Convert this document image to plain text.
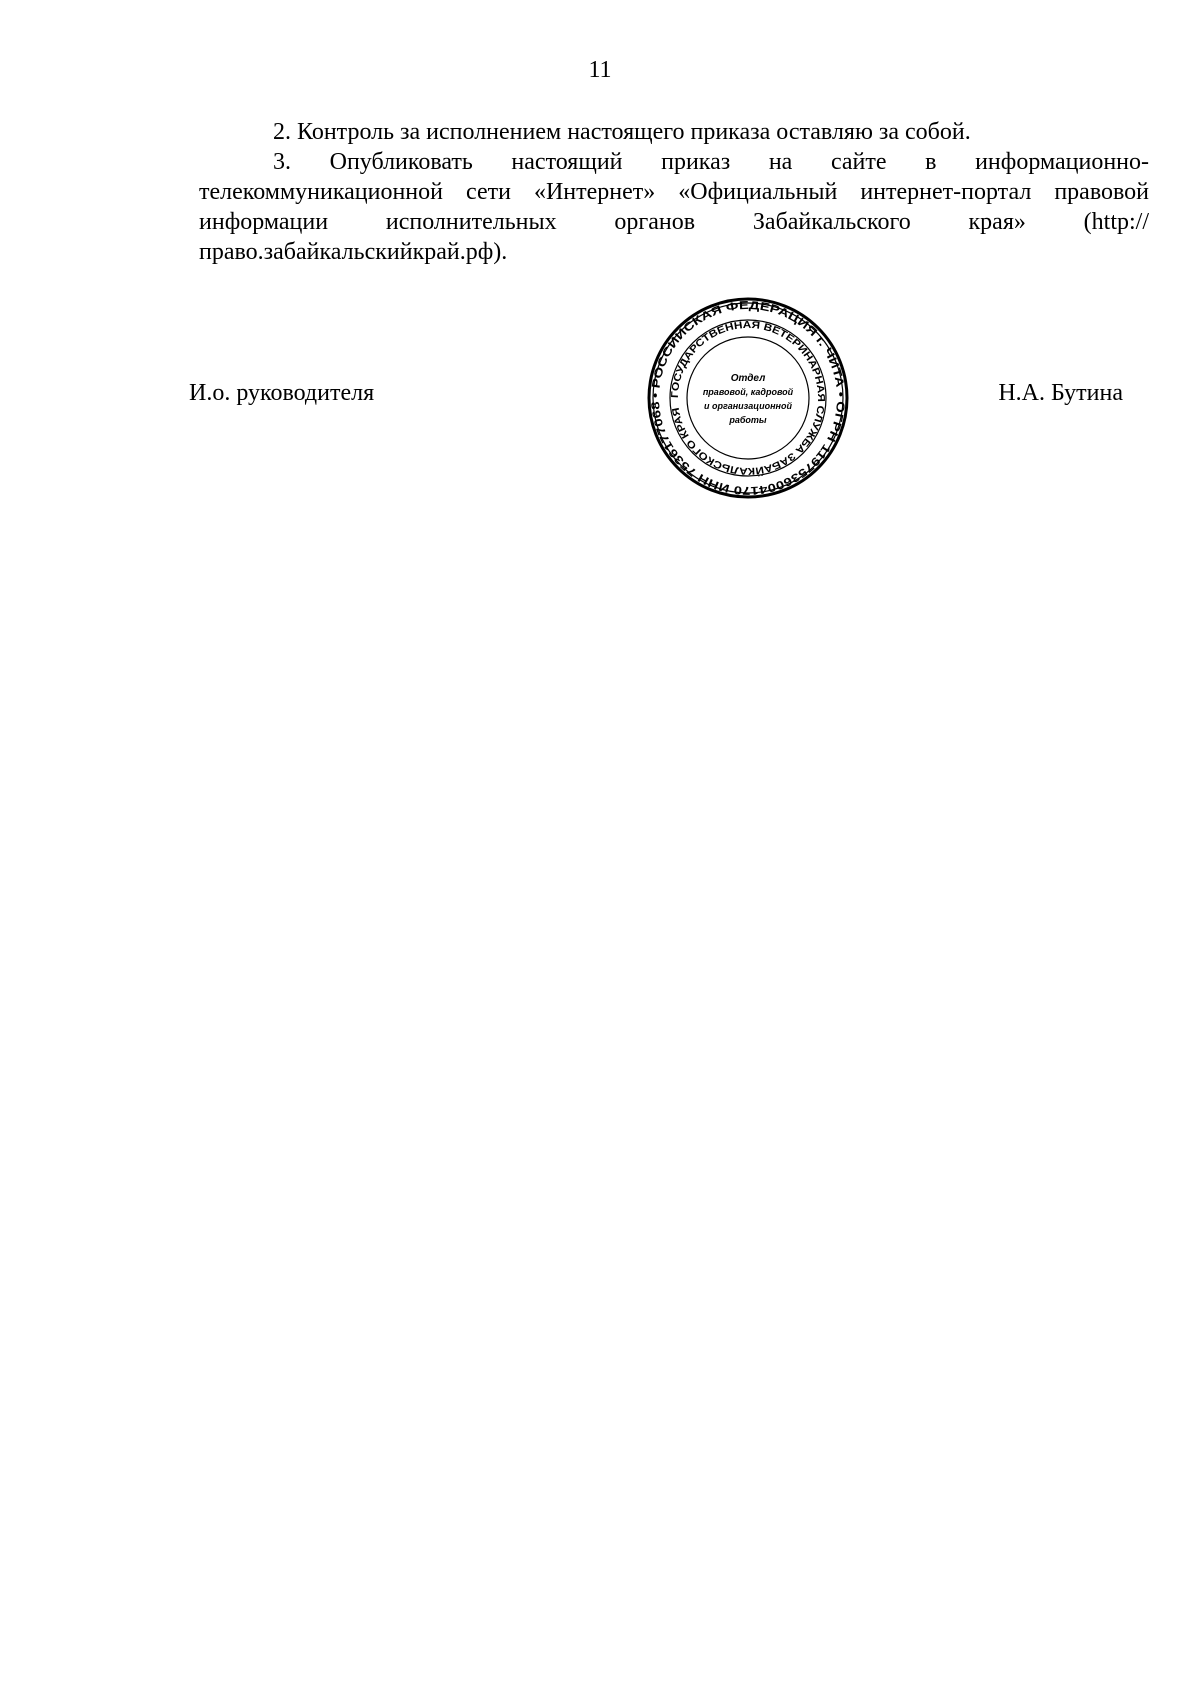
11

2. Контроль за исполнением настоящего приказа оставляю за собой.

3. Опубликовать настоящий приказ на сайте в информационно-телекоммуникационной сети «Интернет» «Официальный интернет-портал правовой информации исполнительных органов Забайкальского края» (http://право.забайкальскийкрай.рф).

И.о. руководителя	• РОССИЙСКАЯ ФЕДЕРАЦИЯ г. ЧИТА • ОГРН 1197536004170 ИНН 7536177068
ГОСУДАРСТВЕННАЯ ВЕТЕРИНАРНАЯ СЛУЖБА ЗАБАЙКАЛЬСКОГО КРАЯ
Отдел
правовой, кадровой
и организационной
работы
Н.А. Бутина
